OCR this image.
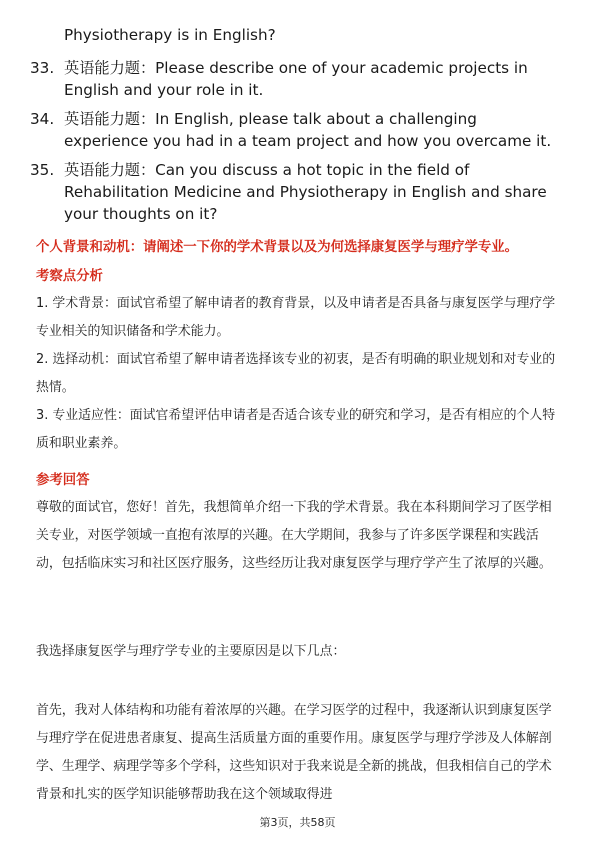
Physiotherapy is in English?
33. 英语能力题：Please describe one of your academic projects in English and your role in it.
34. 英语能力题：In English, please talk about a challenging experience you had in a team project and how you overcame it.
35. 英语能力题：Can you discuss a hot topic in the field of Rehabilitation Medicine and Physiotherapy in English and share your thoughts on it?
个人背景和动机：请阐述一下你的学术背景以及为何选择康复医学与理疗学专业。
考察点分析
1. 学术背景：面试官希望了解申请者的教育背景，以及申请者是否具备与康复医学与理疗学专业相关的知识储备和学术能力。
2. 选择动机：面试官希望了解申请者选择该专业的初衷，是否有明确的职业规划和对专业的热情。
3. 专业适应性：面试官希望评估申请者是否适合该专业的研究和学习，是否有相应的个人特质和职业素养。
参考回答
尊敬的面试官，您好！首先，我想简单介绍一下我的学术背景。我在本科期间学习了医学相关专业，对医学领域一直抱有浓厚的兴趣。在大学期间，我参与了许多医学课程和实践活动，包括临床实习和社区医疗服务，这些经历让我对康复医学与理疗学产生了浓厚的兴趣。
我选择康复医学与理疗学专业的主要原因是以下几点：
首先，我对人体结构和功能有着浓厚的兴趣。在学习医学的过程中，我逐渐认识到康复医学与理疗学在促进患者康复、提高生活质量方面的重要作用。康复医学与理疗学涉及人体解剖学、生理学、病理学等多个学科，这些知识对于我来说是全新的挑战，但我相信自己的学术背景和扎实的医学知识能够帮助我在这个领域取得进
第3页，共58页
